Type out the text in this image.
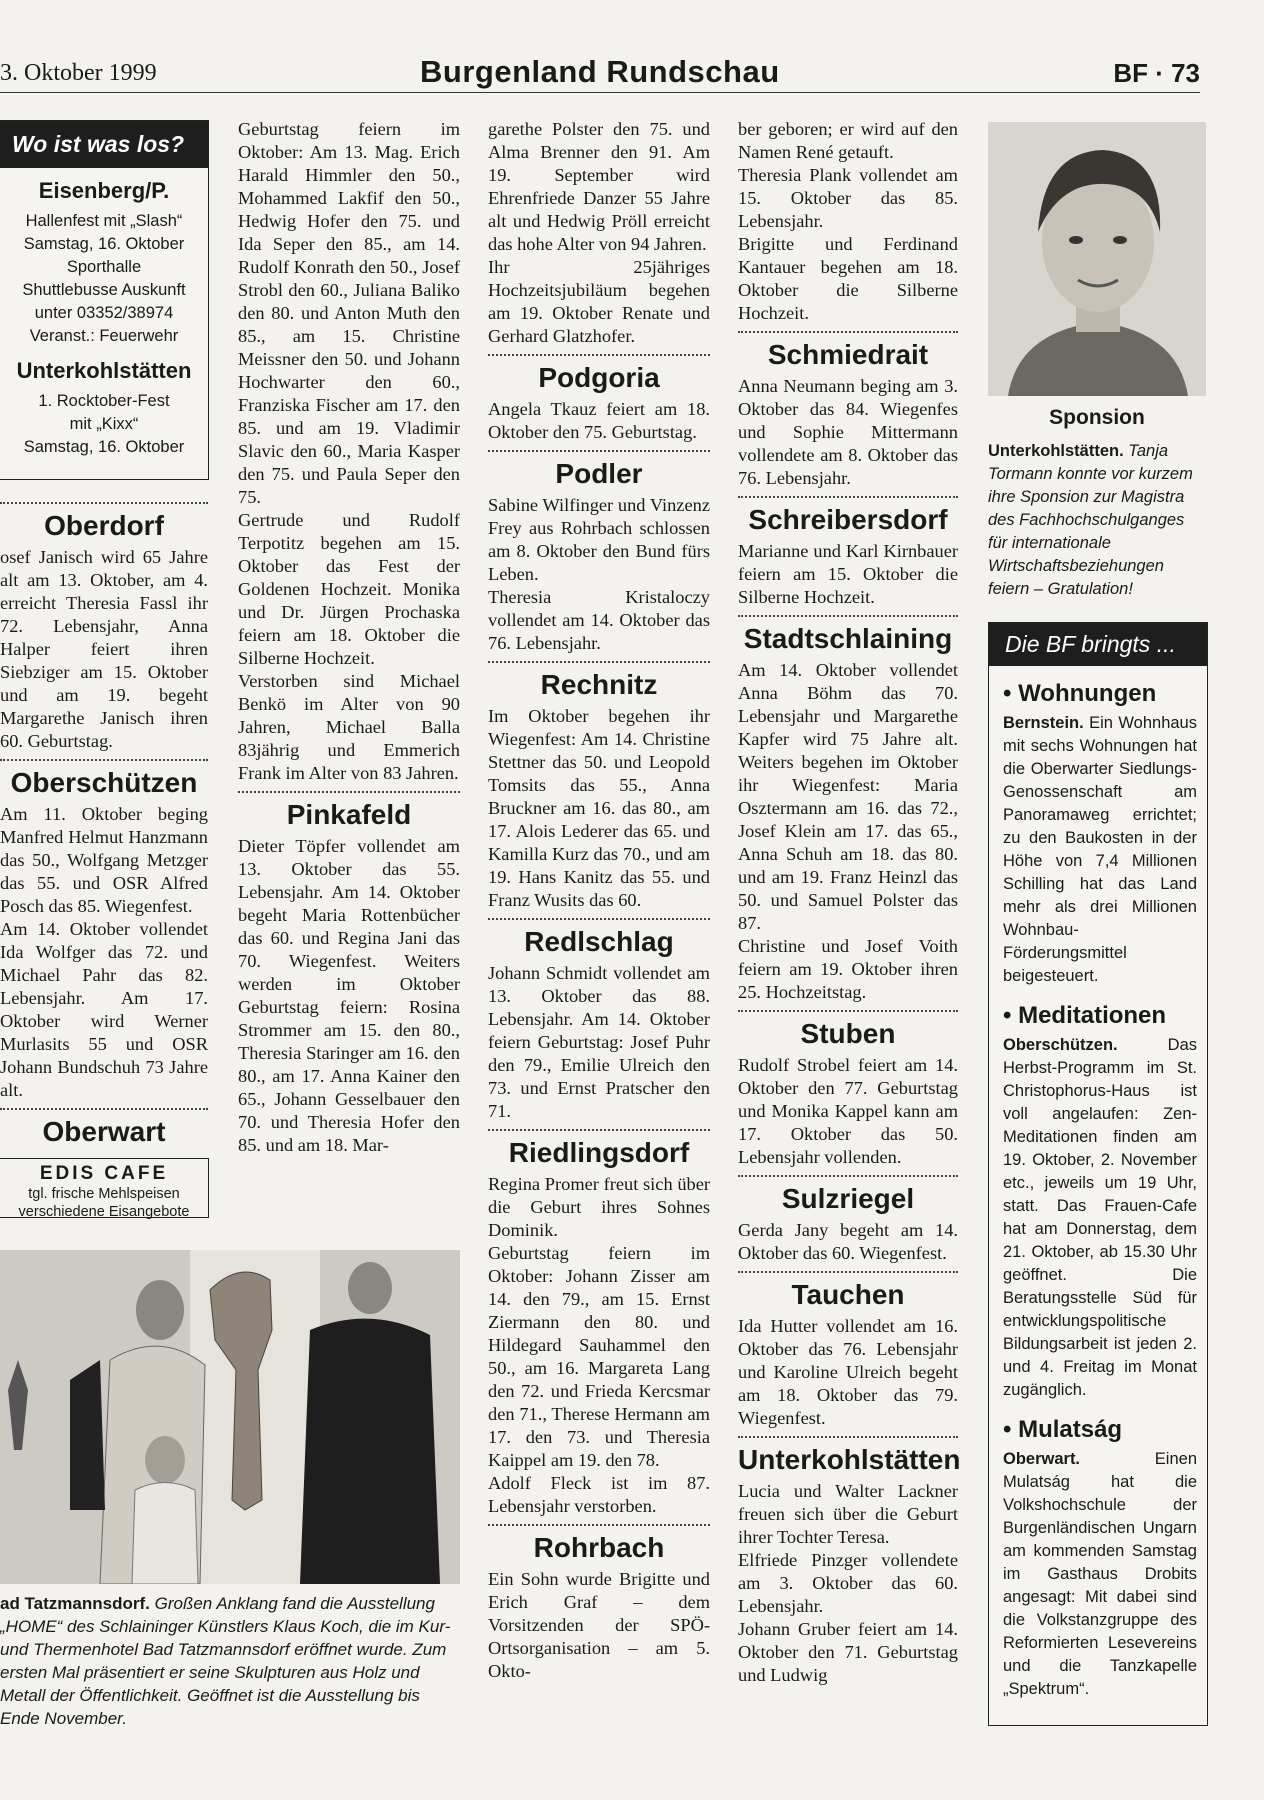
3. Oktober 1999	Burgenland Rundschau	BF · 73
Wo ist was los?
Eisenberg/P.
Hallenfest mit „Slash“
Samstag, 16. Oktober
Sporthalle
Shuttlebusse Auskunft
unter 03352/38974
Veranst.: Feuerwehr
Unterkohlstätten
1. Rocktober-Fest
mit „Kixx“
Samstag, 16. Oktober
Oberdorf

osef Janisch wird 65 Jahre alt am 13. Oktober, am 4. erreicht Theresia Fassl ihr 72. Lebensjahr, Anna Halper feiert ihren Siebziger am 15. Oktober und am 19. begeht Margarethe Janisch ihren 60. Geburtstag.

Oberschützen

Am 11. Oktober beging Manfred Helmut Hanzmann das 50., Wolfgang Metzger das 55. und OSR Alfred Posch das 85. Wiegenfest.

Am 14. Oktober vollendet Ida Wolfger das 72. und Michael Pahr das 82. Lebensjahr. Am 17. Oktober wird Werner Murlasits 55 und OSR Johann Bundschuh 73 Jahre alt.

Oberwart
EDIS CAFE
tgl. frische Mehlspeisen
verschiedene Eisangebote

Geburtstag feiern im Oktober: Am 13. Mag. Erich Harald Himmler den 50., Mohammed Lakfif den 50., Hedwig Hofer den 75. und Ida Seper den 85., am 14. Rudolf Konrath den 50., Josef Strobl den 60., Juliana Baliko den 80. und Anton Muth den 85., am 15. Christine Meissner den 50. und Johann Hochwarter den 60., Franziska Fischer am 17. den 85. und am 19. Vladimir Slavic den 60., Maria Kasper den 75. und Paula Seper den 75.

Gertrude und Rudolf Terpotitz begehen am 15. Oktober das Fest der Goldenen Hochzeit. Monika und Dr. Jürgen Prochaska feiern am 18. Oktober die Silberne Hochzeit.

Verstorben sind Michael Benkö im Alter von 90 Jahren, Michael Balla 83jährig und Emmerich Frank im Alter von 83 Jahren.

Pinkafeld

Dieter Töpfer vollendet am 13. Oktober das 55. Lebensjahr. Am 14. Oktober begeht Maria Rottenbücher das 60. und Regina Jani das 70. Wiegenfest. Weiters werden im Oktober Geburtstag feiern: Rosina Strommer am 15. den 80., Theresia Staringer am 16. den 80., am 17. Anna Kainer den 65., Johann Gesselbauer den 70. und Theresia Hofer den 85. und am 18. Mar-

ad Tatzmannsdorf. Großen Anklang fand die Ausstellung „HOME“ des Schlaininger Künstlers Klaus Koch, die im Kur- und Thermenhotel Bad Tatzmannsdorf eröffnet wurde. Zum ersten Mal präsentiert er seine Skulpturen aus Holz und Metall der Öffentlichkeit. Geöffnet ist die Ausstellung bis Ende November.

garethe Polster den 75. und Alma Brenner den 91. Am 19. September wird Ehrenfriede Danzer 55 Jahre alt und Hedwig Pröll erreicht das hohe Alter von 94 Jahren.

Ihr 25jähriges Hochzeitsjubiläum begehen am 19. Oktober Renate und Gerhard Glatzhofer.

Podgoria

Angela Tkauz feiert am 18. Oktober den 75. Geburtstag.

Podler

Sabine Wilfinger und Vinzenz Frey aus Rohrbach schlossen am 8. Oktober den Bund fürs Leben.

Theresia Kristaloczy vollendet am 14. Oktober das 76. Lebensjahr.

Rechnitz

Im Oktober begehen ihr Wiegenfest: Am 14. Christine Stettner das 50. und Leopold Tomsits das 55., Anna Bruckner am 16. das 80., am 17. Alois Lederer das 65. und Kamilla Kurz das 70., und am 19. Hans Kanitz das 55. und Franz Wusits das 60.

Redlschlag

Johann Schmidt vollendet am 13. Oktober das 88. Lebensjahr. Am 14. Oktober feiern Geburtstag: Josef Puhr den 79., Emilie Ulreich den 73. und Ernst Pratscher den 71.

Riedlingsdorf

Regina Promer freut sich über die Geburt ihres Sohnes Dominik.

Geburtstag feiern im Oktober: Johann Zisser am 14. den 79., am 15. Ernst Ziermann den 80. und Hildegard Sauhammel den 50., am 16. Margareta Lang den 72. und Frieda Kercsmar den 71., Therese Hermann am 17. den 73. und Theresia Kaippel am 19. den 78.

Adolf Fleck ist im 87. Lebensjahr verstorben.

Rohrbach

Ein Sohn wurde Brigitte und Erich Graf – dem Vorsitzenden der SPÖ-Ortsorganisation – am 5. Okto-

ber geboren; er wird auf den Namen René getauft.

Theresia Plank vollendet am 15. Oktober das 85. Lebensjahr.

Brigitte und Ferdinand Kantauer begehen am 18. Oktober die Silberne Hochzeit.

Schmiedrait

Anna Neumann beging am 3. Oktober das 84. Wiegenfes und Sophie Mittermann vollendete am 8. Oktober das 76. Lebensjahr.

Schreibersdorf

Marianne und Karl Kirnbauer feiern am 15. Oktober die Silberne Hochzeit.

Stadtschlaining

Am 14. Oktober vollendet Anna Böhm das 70. Lebensjahr und Margarethe Kapfer wird 75 Jahre alt. Weiters begehen im Oktober ihr Wiegenfest: Maria Osztermann am 16. das 72., Josef Klein am 17. das 65., Anna Schuh am 18. das 80. und am 19. Franz Heinzl das 50. und Samuel Polster das 87.

Christine und Josef Voith feiern am 19. Oktober ihren 25. Hochzeitstag.

Stuben

Rudolf Strobel feiert am 14. Oktober den 77. Geburtstag und Monika Kappel kann am 17. Oktober das 50. Lebensjahr vollenden.

Sulzriegel

Gerda Jany begeht am 14. Oktober das 60. Wiegenfest.

Tauchen

Ida Hutter vollendet am 16. Oktober das 76. Lebensjahr und Karoline Ulreich begeht am 18. Oktober das 79. Wiegenfest.

Unterkohlstätten

Lucia und Walter Lackner freuen sich über die Geburt ihrer Tochter Teresa.

Elfriede Pinzger vollendete am 3. Oktober das 60. Lebensjahr.

Johann Gruber feiert am 14. Oktober den 71. Geburtstag und Ludwig

Sponsion
Unterkohlstätten. Tanja Tormann konnte vor kurzem ihre Sponsion zur Magistra des Fachhochschulganges für internationale Wirtschaftsbeziehungen feiern – Gratulation!
Die BF bringts ...
• Wohnungen
Bernstein. Ein Wohnhaus mit sechs Wohnungen hat die Oberwarter Siedlungs-Genossenschaft am Panoramaweg errichtet; zu den Baukosten in der Höhe von 7,4 Millionen Schilling hat das Land mehr als drei Millionen Wohnbau-Förderungsmittel beigesteuert.
• Meditationen
Oberschützen.	Das Herbst-Programm im St. Christophorus-Haus ist voll angelaufen: Zen-Meditationen finden am 19. Oktober, 2. November etc., jeweils um 19 Uhr, statt. Das Frauen-Cafe hat am Donnerstag, dem 21. Oktober, ab 15.30 Uhr geöffnet. Die Beratungsstelle Süd für entwicklungspolitische Bildungsarbeit ist jeden 2. und 4. Freitag im Monat zugänglich.
• Mulatság
Oberwart.	Einen Mulatság hat die Volkshochschule der Burgenländischen Ungarn am kommenden Samstag im Gasthaus Drobits angesagt: Mit dabei sind die Volkstanzgruppe des Reformierten Lesevereins und die Tanzkapelle „Spektrum“.
